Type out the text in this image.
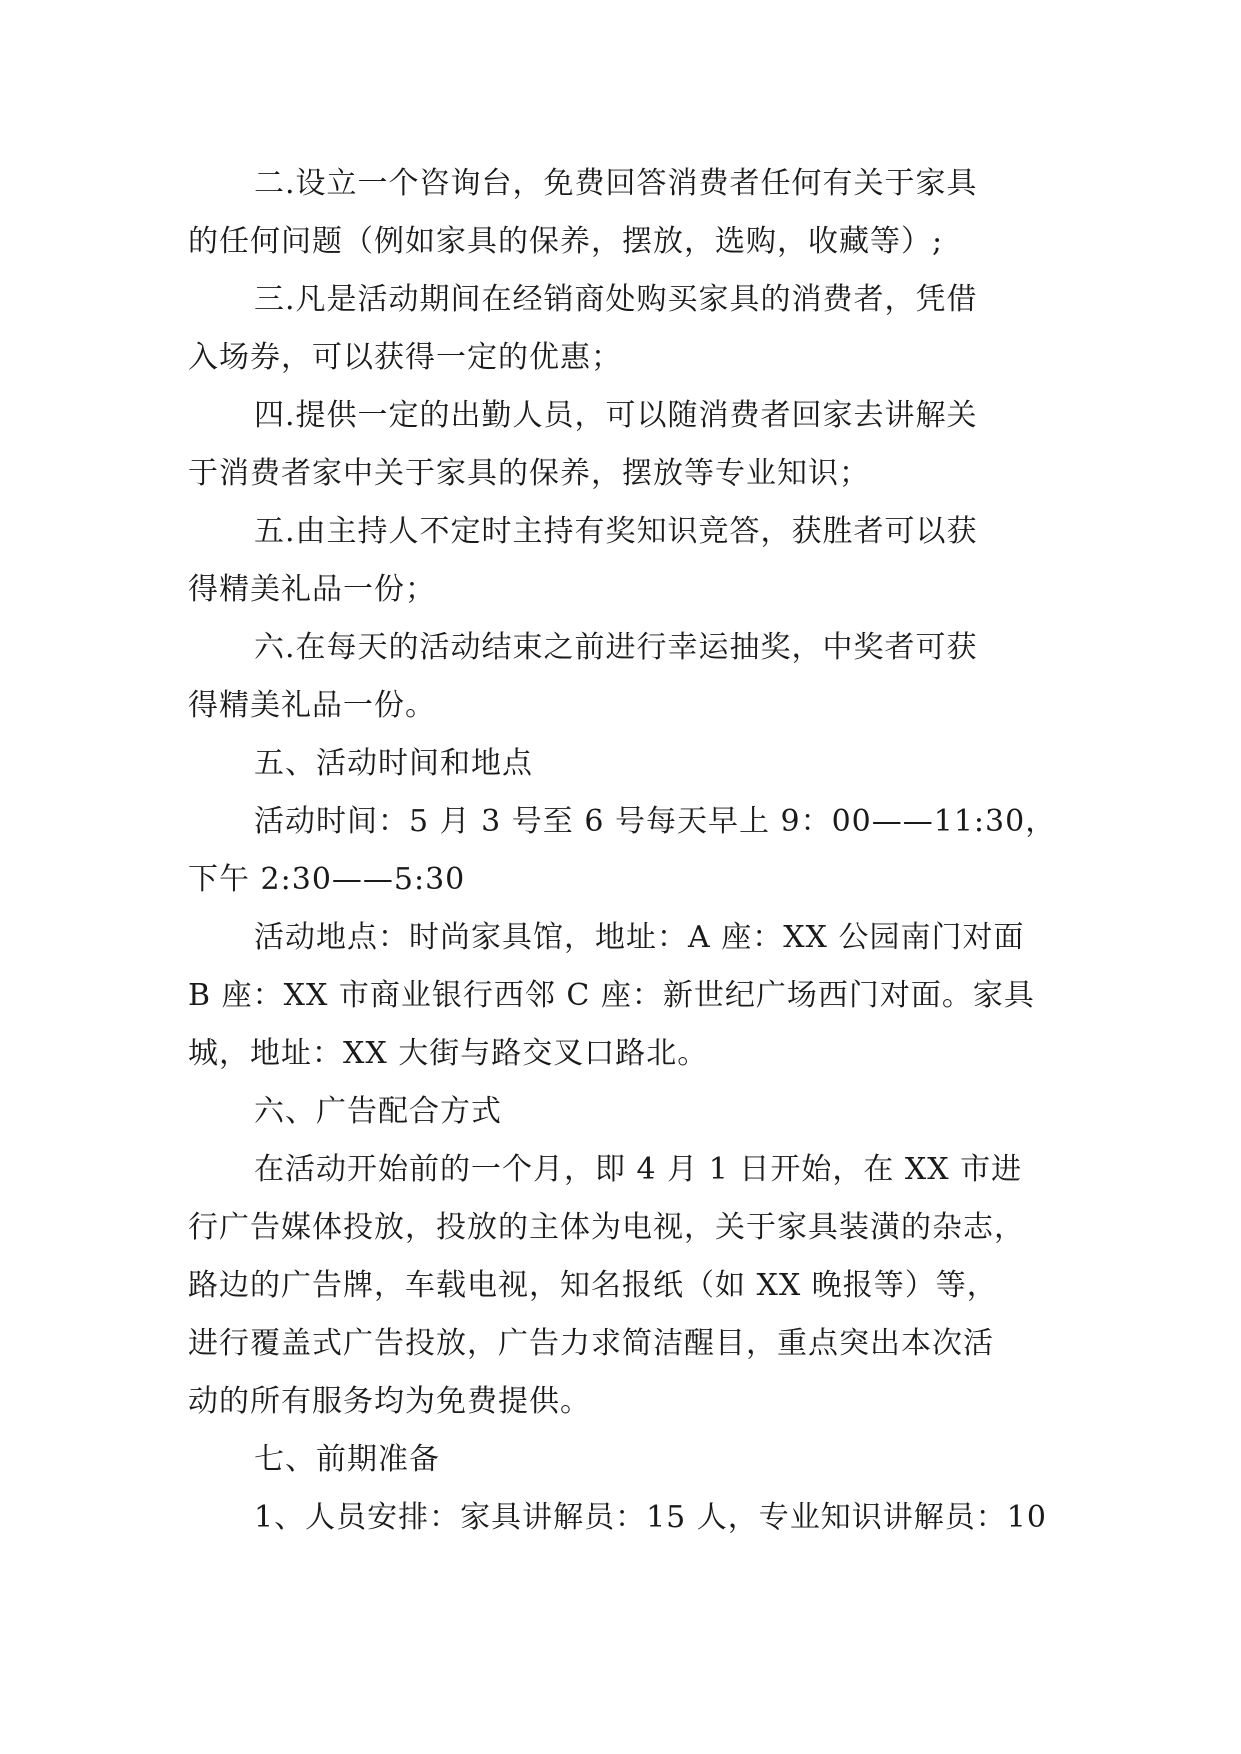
二.设立一个咨询台，免费回答消费者任何有关于家具
的任何问题（例如家具的保养，摆放，选购，收藏等）;
三.凡是活动期间在经销商处购买家具的消费者，凭借
入场券，可以获得一定的优惠；
四.提供一定的出勤人员，可以随消费者回家去讲解关
于消费者家中关于家具的保养，摆放等专业知识；
五.由主持人不定时主持有奖知识竞答，获胜者可以获
得精美礼品一份；
六.在每天的活动结束之前进行幸运抽奖，中奖者可获
得精美礼品一份。
五、活动时间和地点
活动时间：5 月 3 号至 6 号每天早上 9：00——11:30，
下午 2:30——5:30
活动地点：时尚家具馆，地址：A 座：XX 公园南门对面
B 座：XX 市商业银行西邻 C 座：新世纪广场西门对面。家具
城，地址：XX 大街与路交叉口路北。
六、广告配合方式
在活动开始前的一个月，即 4 月 1 日开始，在 XX 市进
行广告媒体投放，投放的主体为电视，关于家具装潢的杂志，
路边的广告牌，车载电视，知名报纸（如 XX 晚报等）等，
进行覆盖式广告投放，广告力求简洁醒目，重点突出本次活
动的所有服务均为免费提供。
七、前期准备
1、人员安排：家具讲解员：15 人，专业知识讲解员：10
